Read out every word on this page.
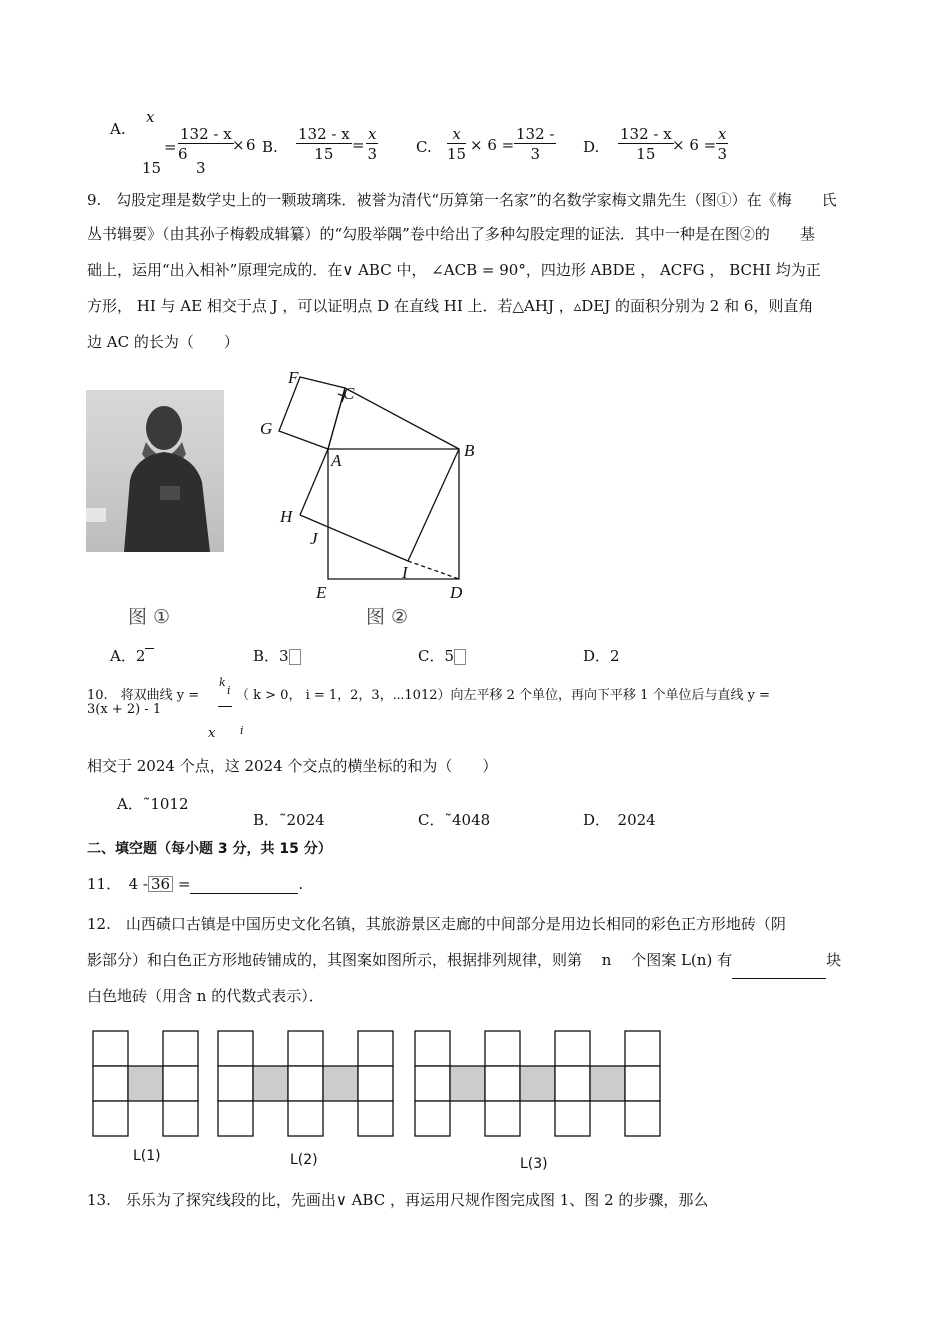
A.
x
15
= $\frac{132 - x}{6}$
× 6
3
B. $\frac{132 - x}{15} = \frac{x}{3}$	C. $\frac{x}{15} \times 6 = \frac{132 -}{3} D$. $\frac{132 - x}{15}$
× $6 = \frac{x}{3}$
9.　勾股定理是数学史上的一颗玻璃珠．被誉为清代“历算第一名家”的名数学家梅文鼎先生（图①）在《梅　　氏
丛书辑要》（由其孙子梅毂成辑纂）的“勾股举隅”卷中给出了多种勾股定理的证法．其中一种是在图②的　　基
础上，运用“出入相补”原理完成的．在∨ ABC 中， ∠ACB = 90°，四边形 ABDE ， ACFG ， BCHI 均为正
方形， HI 与 AE 相交于点 J ，可以证明点 D 在直线 HI 上．若△AHJ ，▵DEJ 的面积分别为 2 和 6，则直角
边 AC 的长为（　　）
图 ①
F
C
G
A
B
H
J
I
E	D
图 ②
A．2	B．3	C．5	D．2
10.　将双曲线 y =
k
i
x i
（ k > 0， i = 1，2，3，⋯1012）向左平移 2 个单位，再向下平移 1 个单位后与直线 y =
3(x + 2) - 1
相交于 2024 个点，这 2024 个交点的横坐标的和为（　　）
A．˜1012
B．˜2024	C．˜4048	D．　2024
二、填空题（每小题 3 分，共 15 分）
11．　4 - 36 =	.
12.　山西碛口古镇是中国历史文化名镇，其旅游景区走廊的中间部分是用边长相同的彩色正方形地砖（阴
影部分）和白色正方形地砖铺成的，其图案如图所示，根据排列规律，则第　 n　 个图案 L(n) 有	块
白色地砖（用含 n 的代数式表示）．
L(1)	L(2)	L(3)
13.　乐乐为了探究线段的比，先画出∨ ABC ，再运用尺规作图完成图 1、图 2 的步骤，那么
